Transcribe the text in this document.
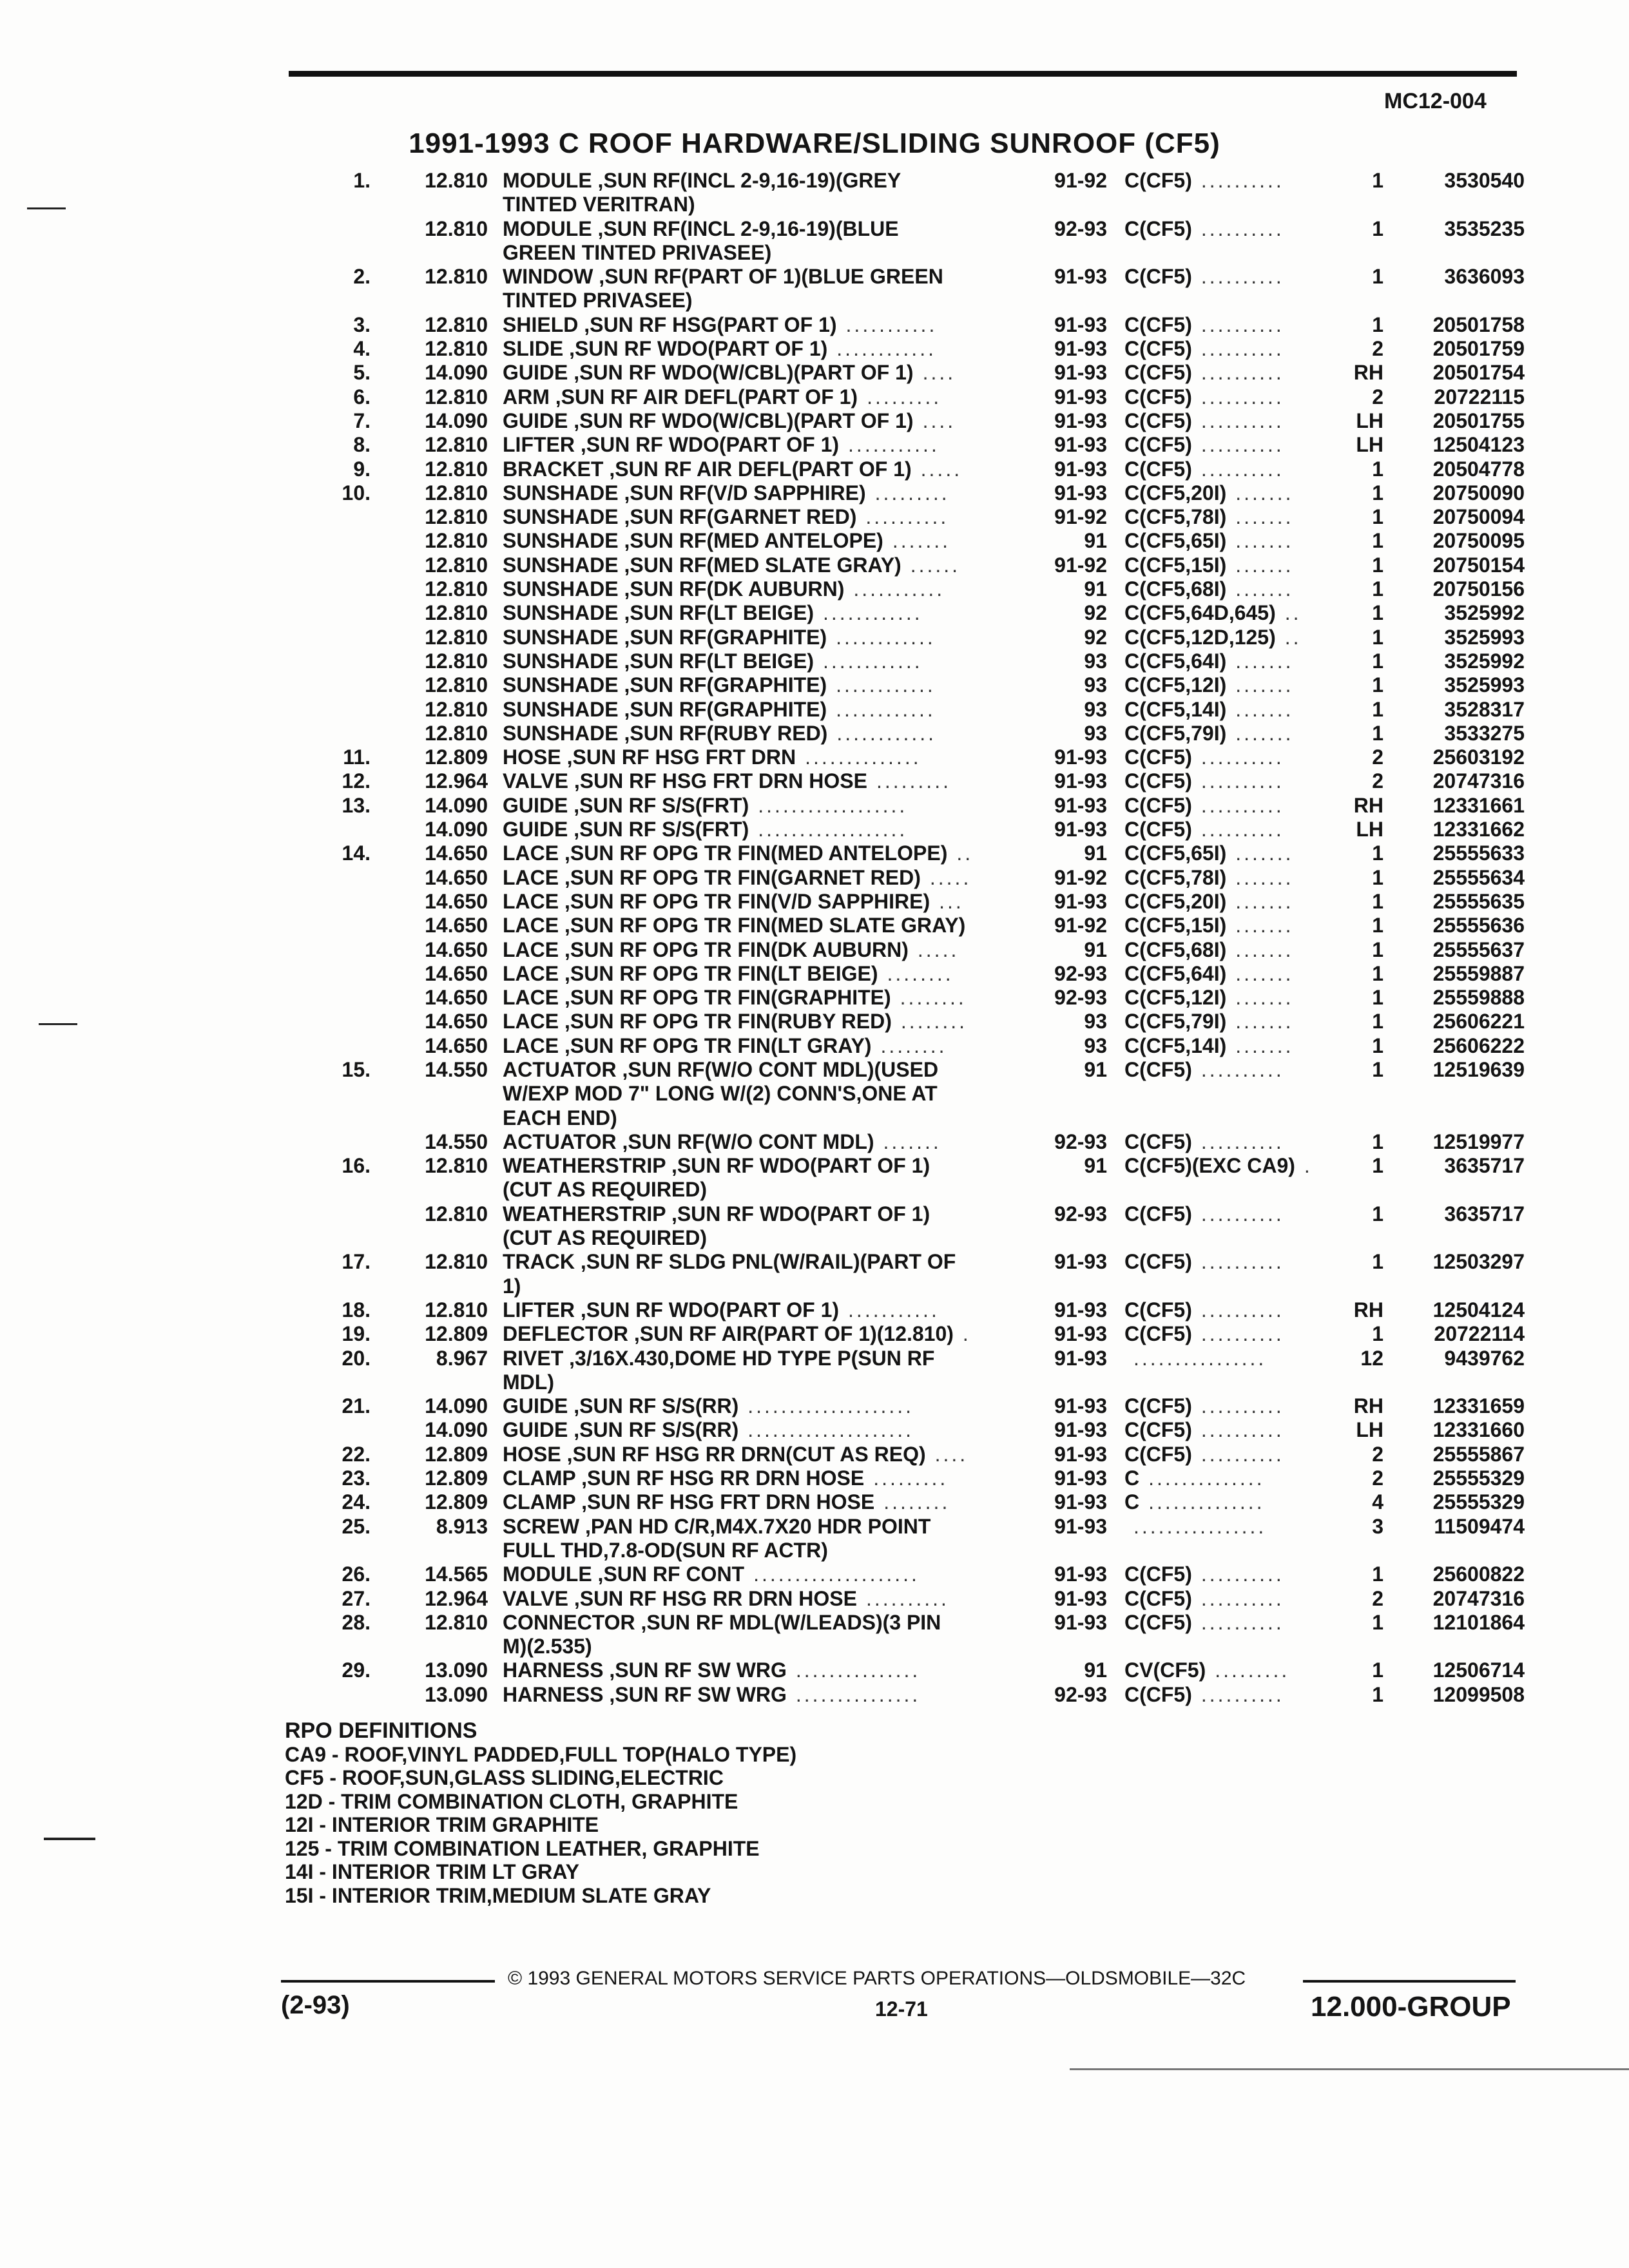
MC12-004
1991-1993 C ROOF HARDWARE/SLIDING SUNROOF (CF5)
1.	12.810 MODULE ,SUN RF(INCL 2-9,16-19)(GREY	91-92 C(CF5) ..........	1	3530540
TINTED VERITRAN)
12.810 MODULE ,SUN RF(INCL 2-9,16-19)(BLUE	92-93 C(CF5) ..........	1	3535235
GREEN TINTED PRIVASEE)
2.	12.810 WINDOW ,SUN RF(PART OF 1)(BLUE GREEN	91-93 C(CF5) ..........	1	3636093
TINTED PRIVASEE)
3.	12.810 SHIELD ,SUN RF HSG(PART OF 1) ...........	91-93 C(CF5) ..........	1 20501758
4.	12.810 SLIDE ,SUN RF WDO(PART OF 1) ............	91-93 C(CF5) ..........	2 20501759
5.	14.090 GUIDE ,SUN RF WDO(W/CBL)(PART OF 1) ....	91-93 C(CF5) ..........	RH 20501754
6.	12.810 ARM ,SUN RF AIR DEFL(PART OF 1) .........	91-93 C(CF5) ..........	2 20722115
7.	14.090 GUIDE ,SUN RF WDO(W/CBL)(PART OF 1) ....	91-93 C(CF5) ..........	LH 20501755
8.	12.810 LIFTER ,SUN RF WDO(PART OF 1) ...........	91-93 C(CF5) ..........	LH 12504123
9.	12.810 BRACKET ,SUN RF AIR DEFL(PART OF 1) .....	91-93 C(CF5) ..........	1 20504778
10.	12.810 SUNSHADE ,SUN RF(V/D SAPPHIRE) .........	91-93 C(CF5,20I) .......	1 20750090
12.810 SUNSHADE ,SUN RF(GARNET RED) ..........	91-92 C(CF5,78I) .......	1 20750094
12.810 SUNSHADE ,SUN RF(MED ANTELOPE) .......	91 C(CF5,65I) .......	1 20750095
12.810 SUNSHADE ,SUN RF(MED SLATE GRAY) ......	91-92 C(CF5,15I) .......	1 20750154
12.810 SUNSHADE ,SUN RF(DK AUBURN) ...........	91 C(CF5,68I) .......	1 20750156
12.810 SUNSHADE ,SUN RF(LT BEIGE) ............	92 C(CF5,64D,645) ..	1	3525992
12.810 SUNSHADE ,SUN RF(GRAPHITE) ............	92 C(CF5,12D,125) ..	1	3525993
12.810 SUNSHADE ,SUN RF(LT BEIGE) ............	93 C(CF5,64I) .......	1	3525992
12.810 SUNSHADE ,SUN RF(GRAPHITE) ............	93 C(CF5,12I) .......	1	3525993
12.810 SUNSHADE ,SUN RF(GRAPHITE) ............	93 C(CF5,14I) .......	1	3528317
12.810 SUNSHADE ,SUN RF(RUBY RED) ............	93 C(CF5,79I) .......	1	3533275
11.	12.809 HOSE ,SUN RF HSG FRT DRN ..............	91-93 C(CF5) ..........	2 25603192
12.	12.964 VALVE ,SUN RF HSG FRT DRN HOSE .........	91-93 C(CF5) ..........	2 20747316
13.	14.090 GUIDE ,SUN RF S/S(FRT) ..................	91-93 C(CF5) ..........	RH 12331661
14.090 GUIDE ,SUN RF S/S(FRT) ..................	91-93 C(CF5) ..........	LH 12331662
14.	14.650 LACE ,SUN RF OPG TR FIN(MED ANTELOPE) ..	91 C(CF5,65I) .......	1 25555633
14.650 LACE ,SUN RF OPG TR FIN(GARNET RED) .....	91-92 C(CF5,78I) .......	1 25555634
14.650 LACE ,SUN RF OPG TR FIN(V/D SAPPHIRE) ...	91-93 C(CF5,20I) .......	1 25555635
14.650 LACE ,SUN RF OPG TR FIN(MED SLATE GRAY)	91-92 C(CF5,15I) .......	1 25555636
14.650 LACE ,SUN RF OPG TR FIN(DK AUBURN) .....	91 C(CF5,68I) .......	1 25555637
14.650 LACE ,SUN RF OPG TR FIN(LT BEIGE) ........	92-93 C(CF5,64I) .......	1 25559887
14.650 LACE ,SUN RF OPG TR FIN(GRAPHITE) ........	92-93 C(CF5,12I) .......	1 25559888
14.650 LACE ,SUN RF OPG TR FIN(RUBY RED) ........	93 C(CF5,79I) .......	1 25606221
14.650 LACE ,SUN RF OPG TR FIN(LT GRAY) ........	93 C(CF5,14I) .......	1 25606222
15.	14.550 ACTUATOR ,SUN RF(W/O CONT MDL)(USED	91 C(CF5) ..........	1 12519639
W/EXP MOD 7" LONG W/(2) CONN'S,ONE AT
EACH END)
14.550 ACTUATOR ,SUN RF(W/O CONT MDL) .......	92-93 C(CF5) ..........	1 12519977
16.	12.810 WEATHERSTRIP ,SUN RF WDO(PART OF 1)	91 C(CF5)(EXC CA9) .	1	3635717
(CUT AS REQUIRED)
12.810 WEATHERSTRIP ,SUN RF WDO(PART OF 1)	92-93 C(CF5) ..........	1	3635717
(CUT AS REQUIRED)
17.	12.810 TRACK ,SUN RF SLDG PNL(W/RAIL)(PART OF	91-93 C(CF5) ..........	1 12503297
1)
18.	12.810 LIFTER ,SUN RF WDO(PART OF 1) ...........	91-93 C(CF5) ..........	RH 12504124
19.	12.809 DEFLECTOR ,SUN RF AIR(PART OF 1)(12.810) .	91-93 C(CF5) ..........	1 20722114
20.	8.967 RIVET ,3/16X.430,DOME HD TYPE P(SUN RF	91-93	................	12	9439762
MDL)
21.	14.090 GUIDE ,SUN RF S/S(RR) ....................	91-93 C(CF5) ..........	RH 12331659
14.090 GUIDE ,SUN RF S/S(RR) ....................	91-93 C(CF5) ..........	LH 12331660
22.	12.809 HOSE ,SUN RF HSG RR DRN(CUT AS REQ) ....	91-93 C(CF5) ..........	2 25555867
23.	12.809 CLAMP ,SUN RF HSG RR DRN HOSE .........	91-93 C ..............	2 25555329
24.	12.809 CLAMP ,SUN RF HSG FRT DRN HOSE ........	91-93 C ..............	4 25555329
25.	8.913 SCREW ,PAN HD C/R,M4X.7X20 HDR POINT	91-93	................	3 11509474
FULL THD,7.8-OD(SUN RF ACTR)
26.	14.565 MODULE ,SUN RF CONT ....................	91-93 C(CF5) ..........	1 25600822
27.	12.964 VALVE ,SUN RF HSG RR DRN HOSE ..........	91-93 C(CF5) ..........	2 20747316
28.	12.810 CONNECTOR ,SUN RF MDL(W/LEADS)(3 PIN	91-93 C(CF5) ..........	1 12101864
M)(2.535)
29.	13.090 HARNESS ,SUN RF SW WRG ...............	91 CV(CF5) .........	1 12506714
13.090 HARNESS ,SUN RF SW WRG ...............	92-93 C(CF5) ..........	1 12099508
RPO DEFINITIONS
CA9 - ROOF,VINYL PADDED,FULL TOP(HALO TYPE)
CF5 - ROOF,SUN,GLASS SLIDING,ELECTRIC
12D - TRIM COMBINATION CLOTH, GRAPHITE
12I - INTERIOR TRIM GRAPHITE
125 - TRIM COMBINATION LEATHER, GRAPHITE
14I - INTERIOR TRIM LT GRAY
15I - INTERIOR TRIM,MEDIUM SLATE GRAY
© 1993 GENERAL MOTORS SERVICE PARTS OPERATIONS—OLDSMOBILE—32C
(2-93)	12-71	12.000-GROUP
